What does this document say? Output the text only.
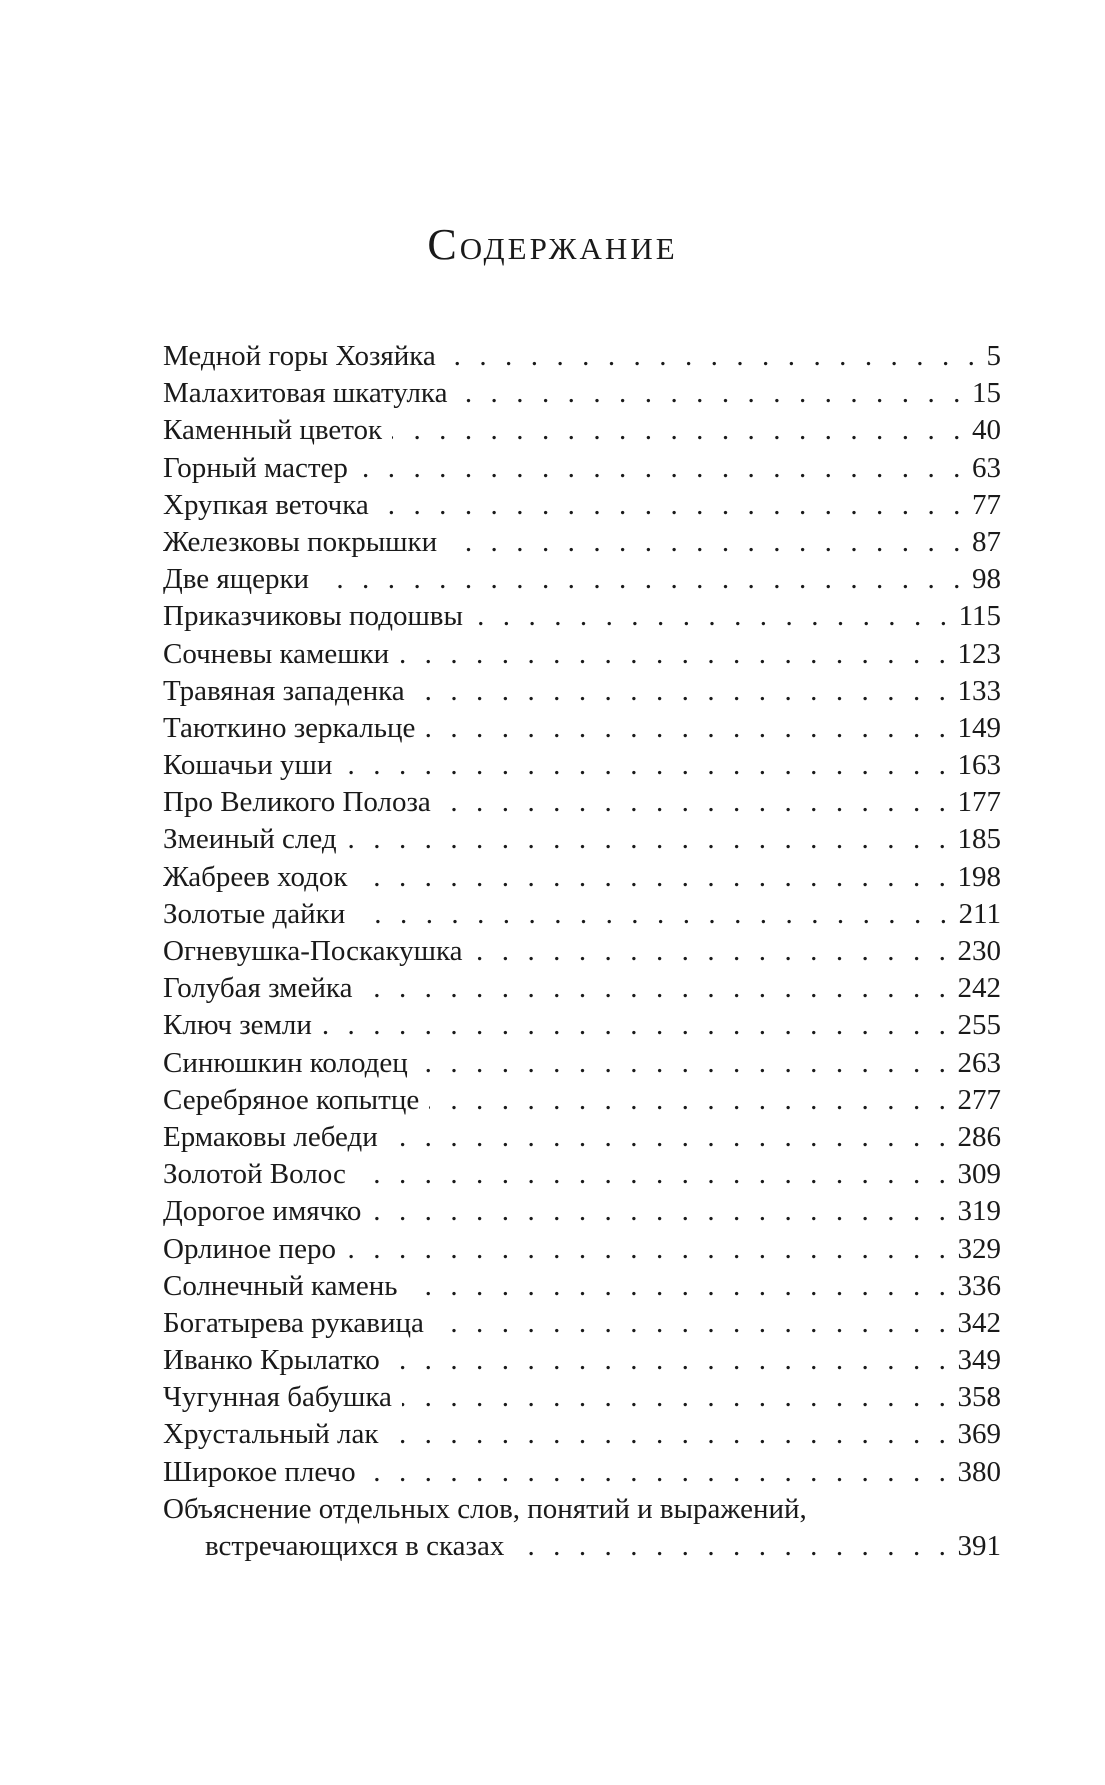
Содержание
Медной горы Хозяйка . . .	5
Малахитовая шкатулка . . .	15
Каменный цветок . . .	40
Горный мастер . . .	63
Хрупкая веточка . . .	77
Железковы покрышки . . .	87
Две ящерки . . .	98
Приказчиковы подошвы . . .	115
Сочневы камешки . . .	123
Травяная западенка . . .	133
Таюткино зеркальце . . .	149
Кошачьи уши . . .	163
Про Великого Полоза . . .	177
Змеиный след . . .	185
Жабреев ходок . . .	198
Золотые дайки . . .	211
Огневушка-Поскакушка . . .	230
Голубая змейка . . .	242
Ключ земли . . .	255
Синюшкин колодец . . .	263
Серебряное копытце . . .	277
Ермаковы лебеди . . .	286
Золотой Волос . . .	309
Дорогое имячко . . .	319
Орлиное перо . . .	329
Солнечный камень . . .	336
Богатырева рукавица . . .	342
Иванко Крылатко . . .	349
Чугунная бабушка . . .	358
Хрустальный лак . . .	369
Широкое плечо . . .	380
Объяснение отдельных слов, понятий и выражений,
встречающихся в сказах . . .	391
